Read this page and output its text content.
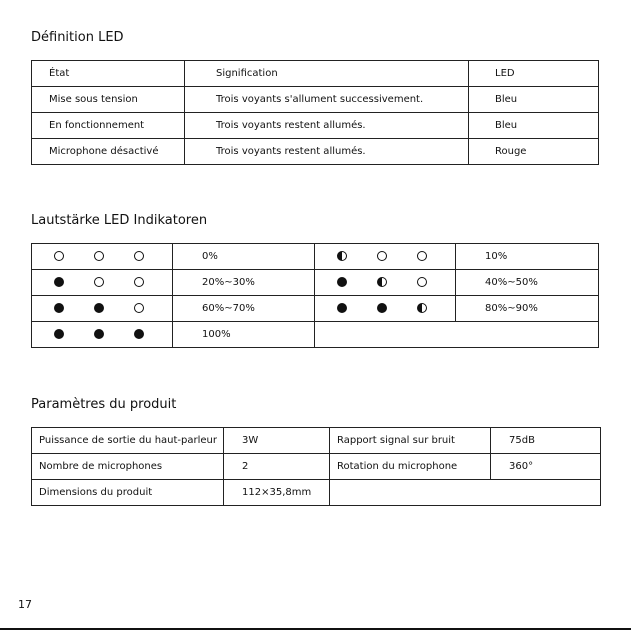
Définition LED
État	Signification	LED
Mise sous tension	Trois voyants s'allument successivement.	Bleu
En fonctionnement	Trois voyants restent allumés.	Bleu
Microphone désactivé	Trois voyants restent allumés.	Rouge
Lautstärke LED Indikatoren
	0%		10%
	20%~30%		40%~50%
	60%~70%		80%~90%
	100%		
Paramètres du produit
Puissance de sortie du haut-parleur	3W	Rapport signal sur bruit	75dB
Nombre de microphones	2	Rotation du microphone	360°
Dimensions du produit	112×35,8mm		
17
